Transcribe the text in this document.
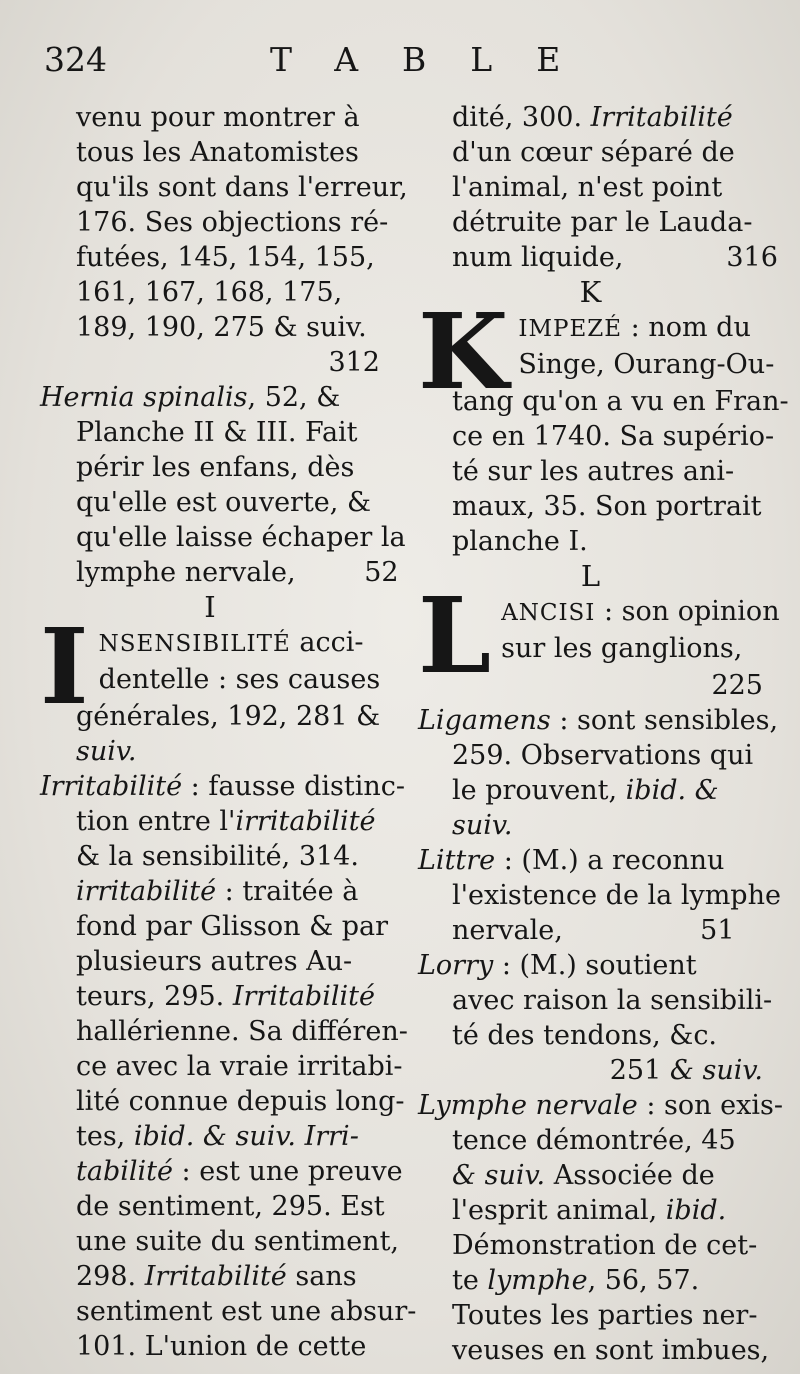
324	TABLE

venu pour montrer à
tous les Anatomistes
qu'ils sont dans l'erreur,
176. Ses objections ré-
futées, 145, 154, 155,
161, 167, 168, 175,
189, 190, 275 & suiv.
312

Hernia spinalis, 52, &
Planche II & III. Fait
périr les enfans, dès
qu'elle est ouverte, &
qu'elle laisse échaper la
lymphe nervale,        52

I

I NSENSIBILITÉ acci-
dentelle : ses causes
générales, 192, 281 &
suiv.

Irritabilité : fausse distinc-
tion entre l'irritabilité
& la sensibilité, 314.
irritabilité : traitée à
fond par Glisson & par
plusieurs autres Au-
teurs, 295. Irritabilité
hallérienne. Sa différen-
ce avec la vraie irritabi-
lité connue depuis long-
tes, ibid. & suiv. Irri-
tabilité : est une preuve
de sentiment, 295. Est
une suite du sentiment,
298. Irritabilité sans
sentiment est une absur-
101. L'union de cette

dité, 300. Irritabilité
d'un cœur séparé de
l'animal, n'est point
détruite par le Lauda-
num liquide,            316

K

K IMPEZÉ : nom du
Singe, Ourang-Ou-
tang qu'on a vu en Fran-
ce en 1740. Sa supério-
té sur les autres ani-
maux, 35. Son portrait
planche I.

L

L ANCISI : son opinion
sur les ganglions,
225

Ligamens : sont sensibles,
259. Observations qui
le prouvent, ibid. &
suiv.

Littre : (M.) a reconnu
l'existence de la lymphe
nervale,                51

Lorry : (M.) soutient
avec raison la sensibili-
té des tendons, &c.
251 & suiv.

Lymphe nervale : son exis-
tence démontrée, 45
& suiv. Associée de
l'esprit animal, ibid.
Démonstration de cet-
te lymphe, 56, 57.
Toutes les parties ner-
veuses en sont imbues,
